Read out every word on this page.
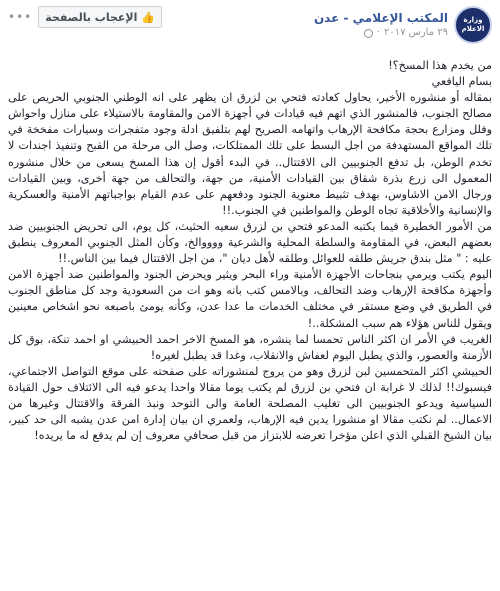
وزارة الاعلام
المكتب الإعلامي - عدن
٢٩ مارس ٢٠١٧
·
👍
الإعجاب بالصفحة
•••

من يخدم هذا المسخ؟!

بسام اليافعي

بمقاله أو منشوره الأخير، يحاول كعادته فتحي بن لزرق ان يظهر على انه الوطني الجنوبي الحريص على مصالح الجنوب، فالمنشور الذي اتهم فيه قيادات في أجهزة الامن والمقاومة بالاستيلاء على منازل واحواش وفلل ومزارع بحجة مكافحة الإرهاب واتهامه الصريح لهم بتلفيق ادلة وجود متفجرات وسيارات مفخخة في تلك المواقع المستهدفة من اجل البسط على تلك الممتلكات، وصل الى مرحلة من القبح وتنفيذ اجندات لا تخدم الوطن، بل تدفع الجنوبيين الى الاقتتال.. في البدء أقول إن هذا المسخ يسعى من خلال منشوره المعمول الى زرع بذرة شقاق بين القيادات الأمنية، من جهة، والتحالف من جهة أخرى، وبين القيادات ورجال الامن الاشاوس، بهدف تثبيط معنوية الجنود ودفعهم على عدم القيام بواجباتهم الأمنية والعسكرية والإنسانية والأخلاقية تجاه الوطن والمواطنين في الجنوب.!!

من الأمور الخطيرة فيما يكتبه المدعو فتحي بن لزرق سعيه الحثيث، كل يوم، الى تحريض الجنوبيين ضد بعضهم البعض، في المقاومة والسلطة المحلية والشرعية ووووالخ، وكأن المثل الجنوبي المعروف ينطبق عليه : " مثل بندق جريش طلقه للعوائل وطلقه لأهل ديان "، من اجل الاقتتال فيما بين الناس.!!

اليوم يكتب ويرمي بنجاحات الأجهزة الأمنية وراء البحر ويثير ويحرض الجنود والمواطنين ضد أجهزة الامن وأجهزة مكافحة الإرهاب وضد التحالف، وبالامس كتب بانه وهو ات من السعودية وجد كل مناطق الجنوب في الطريق في وضع مستقر في مختلف الخدمات ما عدا عدن، وكأنه يومئ باصبعه نحو اشخاص معينين ويقول للناس هؤلاء هم سبب المشكلة..!

الغريب في الأمر ان اكثر الناس تحمسا لما ينشره، هو المسخ الاخر احمد الحبيشي او احمد تنكة، بوق كل الأزمنة والعصور، والذي يطبل اليوم لعفاش والانقلاب، وغدا قد يطبل لغيره!

الحبيشي اكثر المتحمسين لبن لزرق وهو من يروج لمنشوراته على صفحته على موقع التواصل الاجتماعي، فيسبوك!! لذلك لا غرابة ان فتحي بن لزرق لم يكتب يوما مقالا واحدا يدعو فيه الى الائتلاف حول القيادة السياسية ويدعو الجنوبيين الى تغليب المصلحة العامة والى التوحد ونبذ الفرقة والاقتتال وغيرها من الاعمال.. لم نكتب مقالا او منشورا يدين فيه الإرهاب، ولعمري ان بيان إدارة امن عدن يشبه الى حد كبير، بيان الشيخ القبلي الذي اعلن مؤخرا تعرضه للابتزاز من قبل صحافي معروف إن لم يدفع له ما يريده!
